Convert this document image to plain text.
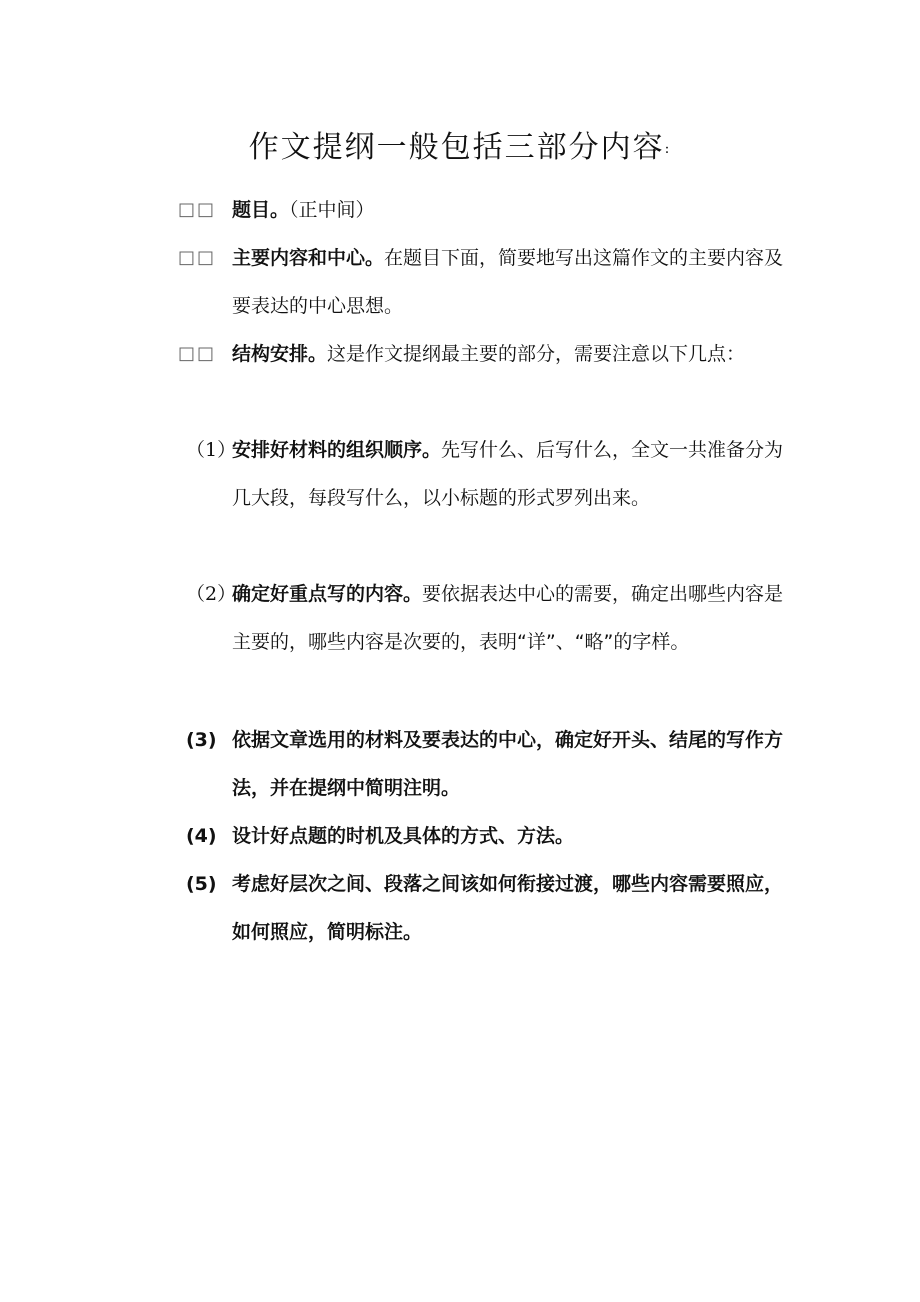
作文提纲一般包括三部分内容:
□□ 题目。（正中间）
□□ 主要内容和中心。在题目下面，简要地写出这篇作文的主要内容及要表达的中心思想。
□□ 结构安排。这是作文提纲最主要的部分，需要注意以下几点：
（1）
安排好材料的组织顺序。先写什么、后写什么，全文一共准备分为几大段，每段写什么，以小标题的形式罗列出来。
（2）
确定好重点写的内容。要依据表达中心的需要，确定出哪些内容是主要的，哪些内容是次要的，表明“详”、“略”的字样。
(3) 依据文章选用的材料及要表达的中心，确定好开头、结尾的写作方法，并在提纲中简明注明。
(4) 设计好点题的时机及具体的方式、方法。
(5) 考虑好层次之间、段落之间该如何衔接过渡，哪些内容需要照应，如何照应，简明标注。
